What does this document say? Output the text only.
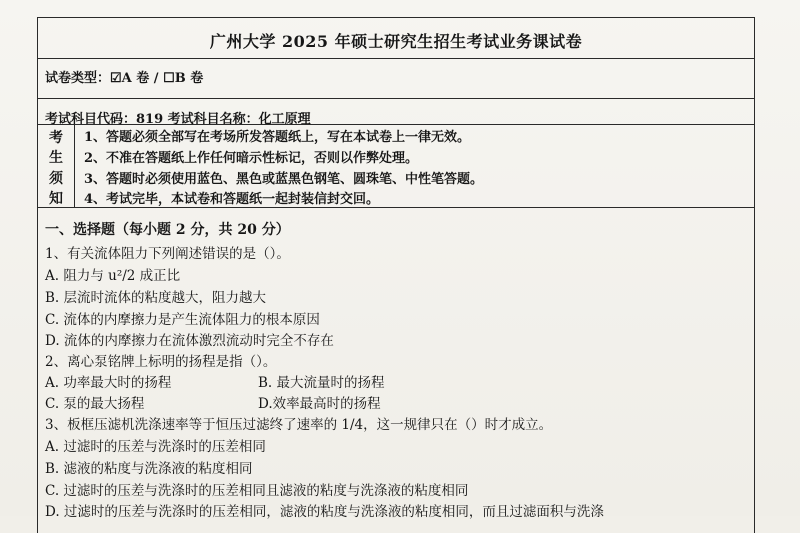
广州大学 2025 年硕士研究生招生考试业务课试卷
试卷类型：☑A 卷 / ☐B 卷
考试科目代码：819 考试科目名称：化工原理
考
生
须
知
1、答题必须全部写在考场所发答题纸上，写在本试卷上一律无效。
2、不准在答题纸上作任何暗示性标记，否则以作弊处理。
3、答题时必须使用蓝色、黑色或蓝黑色钢笔、圆珠笔、中性笔答题。
4、考试完毕，本试卷和答题纸一起封装信封交回。
一、选择题（每小题 2 分，共 20 分）
1、有关流体阻力下列阐述错误的是（）。
A. 阻力与 u²/2 成正比
B. 层流时流体的粘度越大，阻力越大
C. 流体的内摩擦力是产生流体阻力的根本原因
D. 流体的内摩擦力在流体激烈流动时完全不存在
2、离心泵铭牌上标明的扬程是指（）。
A. 功率最大时的扬程	B. 最大流量时的扬程
C. 泵的最大扬程	D.效率最高时的扬程
3、板框压滤机洗涤速率等于恒压过滤终了速率的 1/4，这一规律只在（）时才成立。
A. 过滤时的压差与洗涤时的压差相同
B. 滤液的粘度与洗涤液的粘度相同
C. 过滤时的压差与洗涤时的压差相同且滤液的粘度与洗涤液的粘度相同
D. 过滤时的压差与洗涤时的压差相同，滤液的粘度与洗涤液的粘度相同，而且过滤面积与洗涤
